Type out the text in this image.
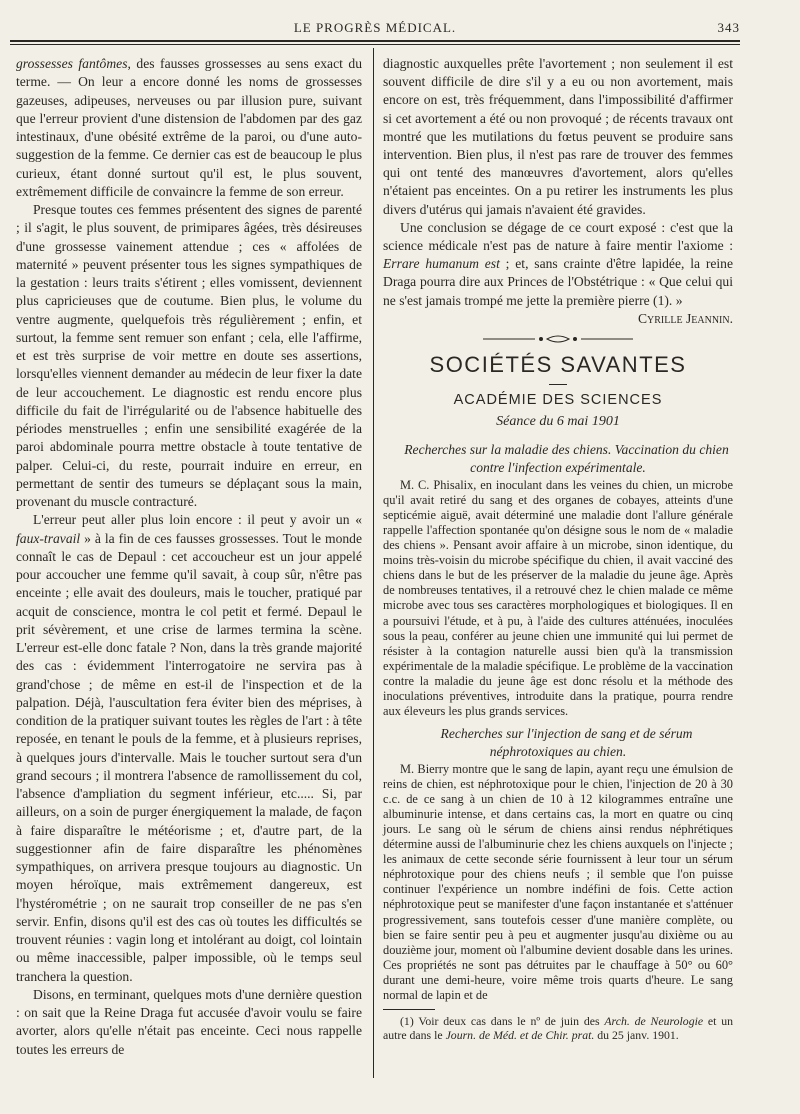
LE PROGRÈS MÉDICAL.	343

grossesses fantômes, des fausses grossesses au sens exact du terme. — On leur a encore donné les noms de grossesses gazeuses, adipeuses, nerveuses ou par illusion pure, suivant que l'erreur provient d'une distension de l'abdomen par des gaz intestinaux, d'une obésité extrême de la paroi, ou d'une auto-suggestion de la femme. Ce dernier cas est de beaucoup le plus curieux, étant donné surtout qu'il est, le plus souvent, extrêmement difficile de convaincre la femme de son erreur.

Presque toutes ces femmes présentent des signes de parenté ; il s'agit, le plus souvent, de primipares âgées, très désireuses d'une grossesse vainement attendue ; ces « affolées de maternité » peuvent présenter tous les signes sympathiques de la gestation : leurs traits s'étirent ; elles vomissent, deviennent plus capricieuses que de coutume. Bien plus, le volume du ventre augmente, quelquefois très régulièrement ; enfin, et surtout, la femme sent remuer son enfant ; cela, elle l'affirme, et est très surprise de voir mettre en doute ses assertions, lorsqu'elles viennent demander au médecin de leur fixer la date de leur accouchement. Le diagnostic est rendu encore plus difficile du fait de l'irrégularité ou de l'absence habituelle des périodes menstruelles ; enfin une sensibilité exagérée de la paroi abdominale pourra mettre obstacle à toute tentative de palper. Celui-ci, du reste, pourrait induire en erreur, en permettant de sentir des tumeurs se déplaçant sous la main, provenant du muscle contracturé.

L'erreur peut aller plus loin encore : il peut y avoir un « faux-travail » à la fin de ces fausses grossesses. Tout le monde connaît le cas de Depaul : cet accoucheur est un jour appelé pour accoucher une femme qu'il savait, à coup sûr, n'être pas enceinte ; elle avait des douleurs, mais le toucher, pratiqué par acquit de conscience, montra le col petit et fermé. Depaul le prit sévèrement, et une crise de larmes termina la scène. L'erreur est-elle donc fatale ? Non, dans la très grande majorité des cas : évidemment l'interrogatoire ne servira pas à grand'chose ; de même en est-il de l'inspection et de la palpation. Déjà, l'auscultation fera éviter bien des méprises, à condition de la pratiquer suivant toutes les règles de l'art : à tête reposée, en tenant le pouls de la femme, et à plusieurs reprises, à quelques jours d'intervalle. Mais le toucher surtout sera d'un grand secours ; il montrera l'absence de ramollissement du col, l'absence d'ampliation du segment inférieur, etc..... Si, par ailleurs, on a soin de purger énergiquement la malade, de façon à faire disparaître le météorisme ; et, d'autre part, de la suggestionner afin de faire disparaître les phénomènes sympathiques, on arrivera presque toujours au diagnostic. Un moyen héroïque, mais extrêmement dangereux, est l'hystérométrie ; on ne saurait trop conseiller de ne pas s'en servir. Enfin, disons qu'il est des cas où toutes les difficultés se trouvent réunies : vagin long et intolérant au doigt, col lointain ou même inaccessible, palper impossible, où le temps seul tranchera la question.

Disons, en terminant, quelques mots d'une dernière question : on sait que la Reine Draga fut accusée d'avoir voulu se faire avorter, alors qu'elle n'était pas enceinte. Ceci nous rappelle toutes les erreurs de

diagnostic auxquelles prête l'avortement ; non seulement il est souvent difficile de dire s'il y a eu ou non avortement, mais encore on est, très fréquemment, dans l'impossibilité d'affirmer si cet avortement a été ou non provoqué ; de récents travaux ont montré que les mutilations du fœtus peuvent se produire sans intervention. Bien plus, il n'est pas rare de trouver des femmes qui ont tenté des manœuvres d'avortement, alors qu'elles n'étaient pas enceintes. On a pu retirer les instruments les plus divers d'utérus qui jamais n'avaient été gravides.

Une conclusion se dégage de ce court exposé : c'est que la science médicale n'est pas de nature à faire mentir l'axiome : Errare humanum est ; et, sans crainte d'être lapidée, la reine Draga pourra dire aux Princes de l'Obstétrique : « Que celui qui ne s'est jamais trompé me jette la première pierre (1). »

Cyrille Jeannin.

SOCIÉTÉS SAVANTES
ACADÉMIE DES SCIENCES
Séance du 6 mai 1901

Recherches sur la maladie des chiens. Vaccination du chien contre l'infection expérimentale.

M. C. Phisalix, en inoculant dans les veines du chien, un microbe qu'il avait retiré du sang et des organes de cobayes, atteints d'une septicémie aiguë, avait déterminé une maladie dont l'allure générale rappelle l'affection spontanée qu'on désigne sous le nom de « maladie des chiens ». Pensant avoir affaire à un microbe, sinon identique, du moins très-voisin du microbe spécifique du chien, il avait vacciné des chiens dans le but de les préserver de la maladie du jeune âge. Après de nombreuses tentatives, il a retrouvé chez le chien malade ce même microbe avec tous ses caractères morphologiques et biologiques. Il en a poursuivi l'étude, et à pu, à l'aide des cultures atténuées, inoculées sous la peau, conférer au jeune chien une immunité qui lui permet de résister à la contagion naturelle aussi bien qu'à la transmission expérimentale de la maladie spécifique. Le problème de la vaccination contre la maladie du jeune âge est donc résolu et la méthode des inoculations préventives, introduite dans la pratique, pourra rendre aux éleveurs les plus grands services.

Recherches sur l'injection de sang et de sérum néphrotoxiques au chien.

M. Bierry montre que le sang de lapin, ayant reçu une émulsion de reins de chien, est néphrotoxique pour le chien, l'injection de 20 à 30 c.c. de ce sang à un chien de 10 à 12 kilogrammes entraîne une albuminurie intense, et dans certains cas, la mort en quatre ou cinq jours. Le sang où le sérum de chiens ainsi rendus néphrétiques détermine aussi de l'albuminurie chez les chiens auxquels on l'injecte ; les animaux de cette seconde série fournissent à leur tour un sérum néphrotoxique pour des chiens neufs ; il semble que l'on puisse continuer l'expérience un nombre indéfini de fois. Cette action néphrotoxique peut se manifester d'une façon instantanée et s'atténuer progressivement, sans toutefois cesser d'une manière complète, ou bien se faire sentir peu à peu et augmenter jusqu'au dixième ou au douzième jour, moment où l'albumine devient dosable dans les urines. Ces propriétés ne sont pas détruites par le chauffage à 50° ou 60° durant une demi-heure, voire même trois quarts d'heure. Le sang normal de lapin et de

(1) Voir deux cas dans le nº de juin des Arch. de Neurologie et un autre dans le Journ. de Méd. et de Chir. prat. du 25 janv. 1901.
